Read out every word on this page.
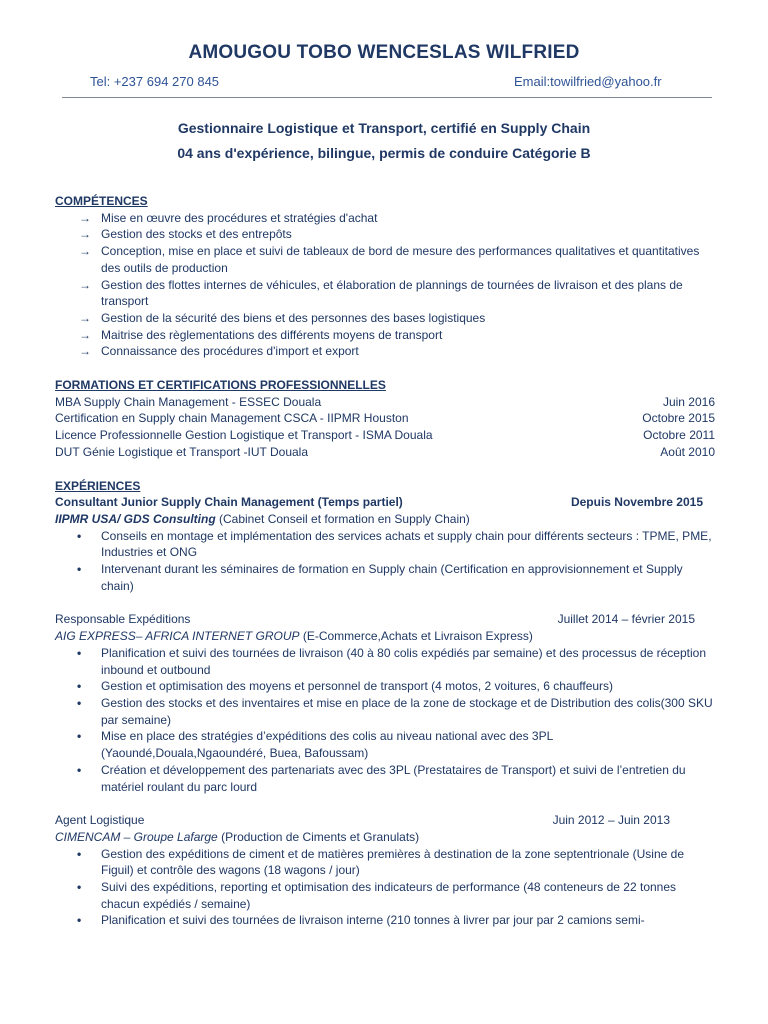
AMOUGOU TOBO WENCESLAS WILFRIED
Tel: +237 694 270 845	Email:towilfried@yahoo.fr
Gestionnaire Logistique et Transport, certifié en Supply Chain
04 ans d'expérience, bilingue, permis de conduire Catégorie B
COMPÉTENCES
→ Mise en œuvre des procédures et stratégies d'achat
→ Gestion des stocks et des entrepôts
→ Conception, mise en place et suivi de tableaux de bord de mesure des performances qualitatives et quantitatives des outils de production
→ Gestion des flottes internes de véhicules, et élaboration de plannings de tournées de livraison et des plans de transport
→ Gestion de la sécurité des biens et des personnes des bases logistiques
→ Maitrise des règlementations des différents moyens de transport
→ Connaissance des procédures d'import et export
FORMATIONS ET CERTIFICATIONS PROFESSIONNELLES
MBA Supply Chain Management - ESSEC Douala	Juin 2016
Certification en Supply chain Management CSCA - IIPMR Houston	Octobre 2015
Licence Professionnelle Gestion Logistique et Transport - ISMA Douala	Octobre 2011
DUT Génie Logistique et Transport -IUT Douala	Août 2010
EXPÉRIENCES
Consultant Junior Supply Chain Management (Temps partiel)	Depuis Novembre 2015
IIPMR USA/ GDS Consulting (Cabinet Conseil et formation en Supply Chain)
• Conseils en montage et implémentation des services achats et supply chain pour différents secteurs : TPME, PME, Industries et ONG
• Intervenant durant les séminaires de formation en Supply chain (Certification en approvisionnement et Supply chain)
Responsable Expéditions	Juillet 2014 – février 2015
AIG EXPRESS– AFRICA INTERNET GROUP (E-Commerce,Achats et Livraison Express)
• Planification et suivi des tournées de livraison (40 à 80 colis expédiés par semaine) et des processus de réception inbound et outbound
• Gestion et optimisation des moyens et personnel de transport (4 motos, 2 voitures, 6 chauffeurs)
• Gestion des stocks et des inventaires et mise en place de la zone de stockage et de Distribution des colis(300 SKU par semaine)
• Mise en place des stratégies d’expéditions des colis au niveau national avec des 3PL (Yaoundé,Douala,Ngaoundéré, Buea, Bafoussam)
• Création et développement des partenariats avec des 3PL (Prestataires de Transport) et suivi de l’entretien du matériel roulant du parc lourd
Agent Logistique	Juin 2012 – Juin 2013
CIMENCAM – Groupe Lafarge (Production de Ciments et Granulats)
• Gestion des expéditions de ciment et de matières premières à destination de la zone septentrionale (Usine de Figuil) et contrôle des wagons (18 wagons / jour)
• Suivi des expéditions, reporting et optimisation des indicateurs de performance (48 conteneurs de 22 tonnes chacun expédiés / semaine)
• Planification et suivi des tournées de livraison interne (210 tonnes à livrer par jour par 2 camions semi-
